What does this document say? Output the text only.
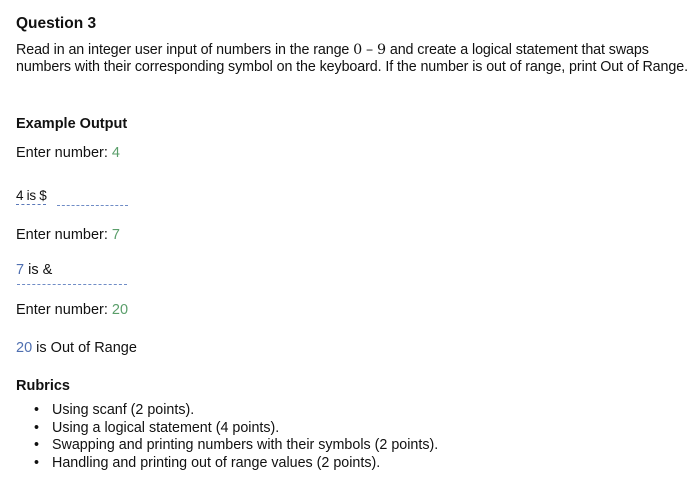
Question 3
Read in an integer user input of numbers in the range 0 – 9 and create a logical statement that swaps numbers with their corresponding symbol on the keyboard. If the number is out of range, print Out of Range.
Example Output
Enter number: 4
4 is $
Enter number: 7
7 is &
Enter number: 20
20 is Out of Range
Rubrics
• Using scanf (2 points).
• Using a logical statement (4 points).
• Swapping and printing numbers with their symbols (2 points).
• Handling and printing out of range values (2 points).
